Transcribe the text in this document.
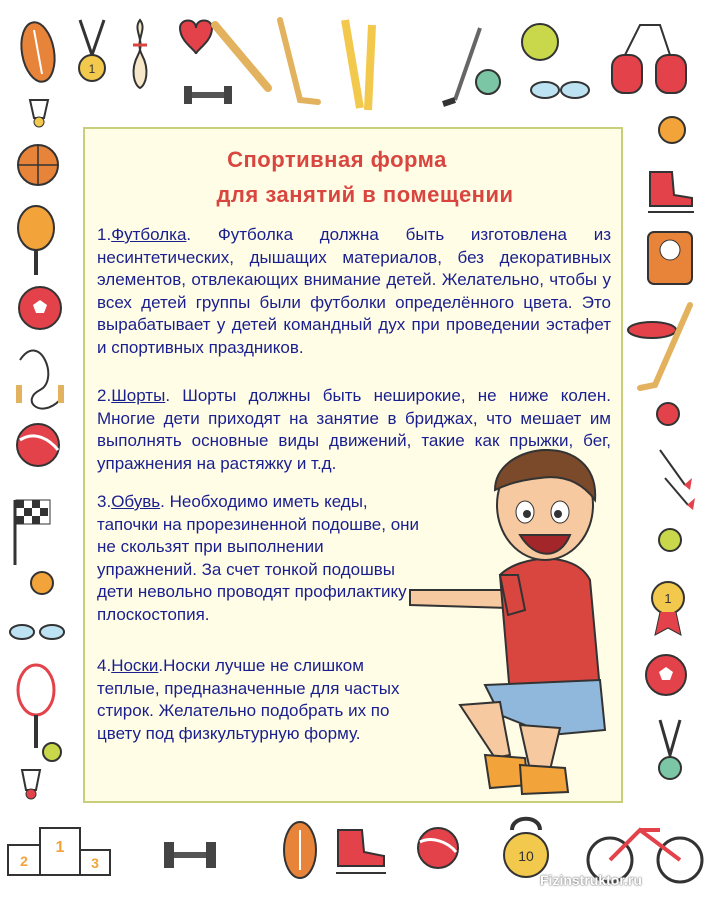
1
1
2
1
3	10
Спортивная форма
для занятий в помещении
1.Футболка. Футболка должна быть изготовлена из несинтетических, дышащих материалов, без декоративных элементов, отвлекающих внимание детей. Желательно, чтобы у всех детей группы были футболки определённого цвета. Это вырабатывает у детей командный дух при проведении эстафет и спортивных праздников.
2.Шорты. Шорты должны быть неширокие, не ниже колен. Многие дети приходят на занятие в бриджах, что мешает им выполнять основные виды движений, такие как прыжки, бег, упражнения на растяжку и т.д.
3.Обувь. Необходимо иметь кеды, тапочки на прорезиненной подошве, они не скользят при выполнении упражнений. За счет тонкой подошвы дети невольно проводят профилактику плоскостопия.
4.Носки.Носки лучше не слишком теплые, предназначенные для частых стирок. Желательно подобрать их по цвету под физкультурную форму.
Fizinstruktor.ru
